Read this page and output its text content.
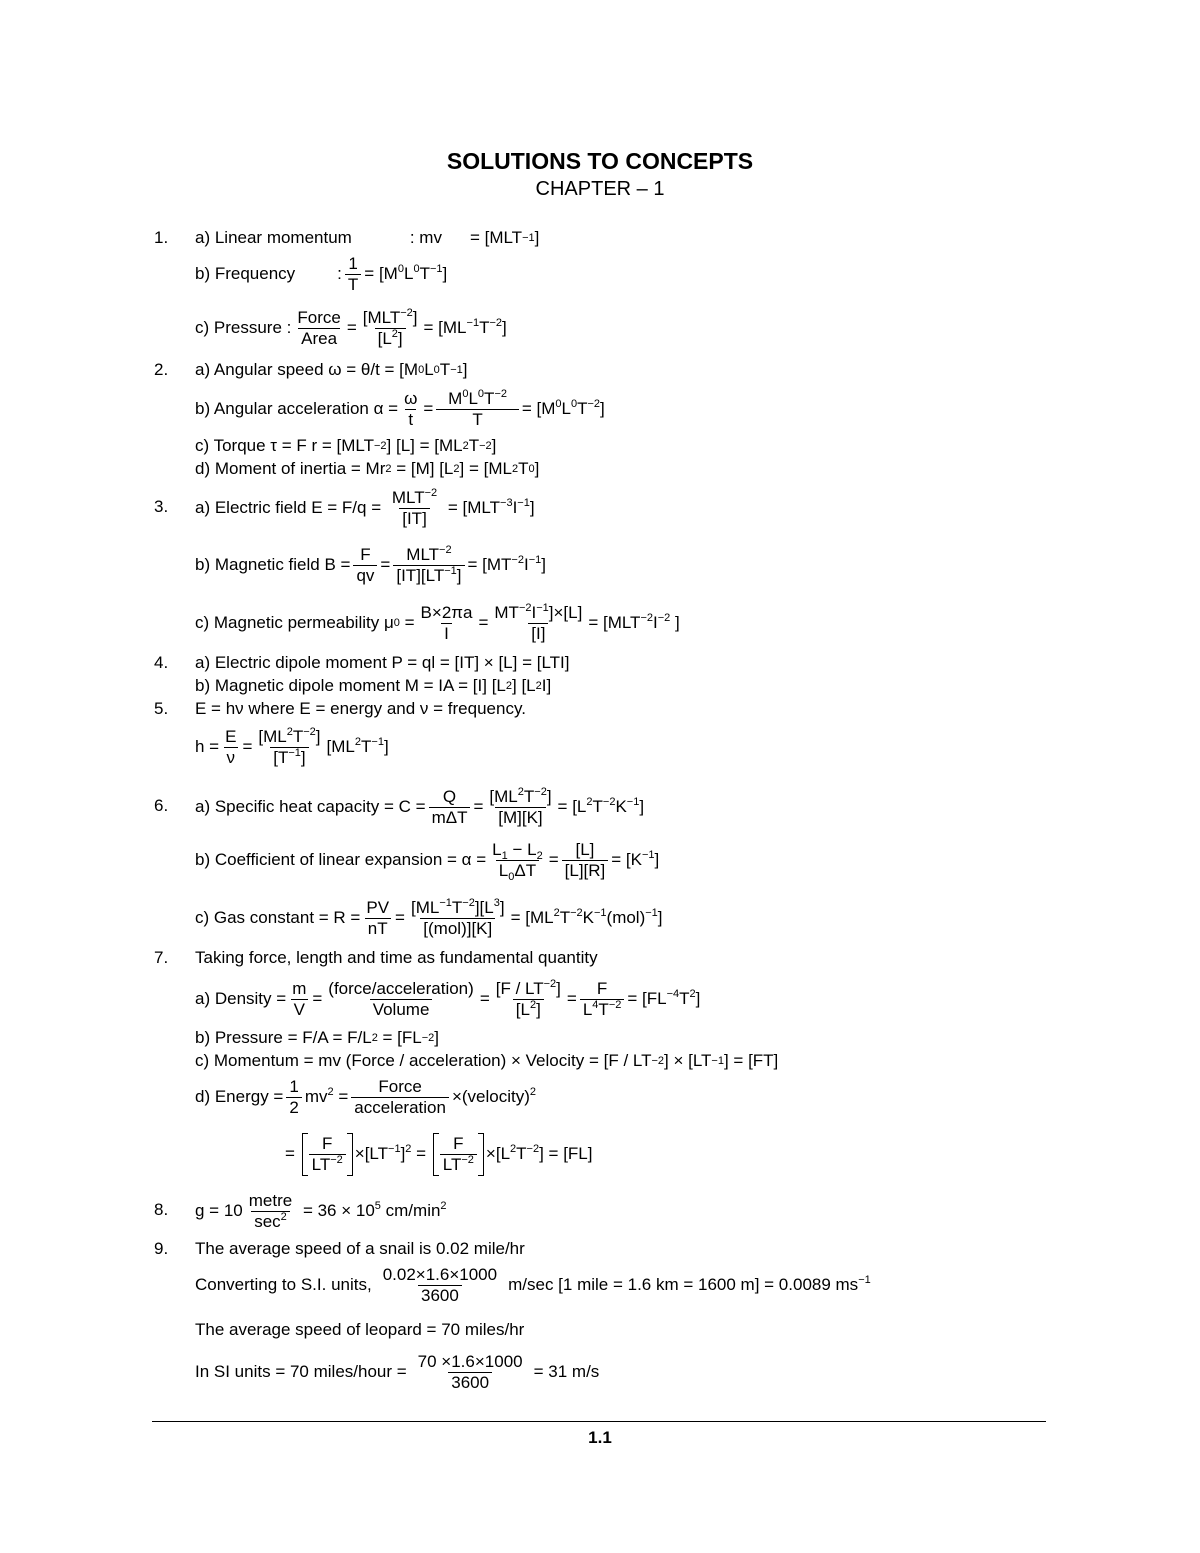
SOLUTIONS TO CONCEPTS
CHAPTER – 1
1.
2.
3.
4.
5.
6.
7.
8.
9.
a) Linear momentum	: mv = [MLT −1 ]
b) Frequency : $\frac{1}{T} = [M^0L^0T^{-1}]$
c) Pressure : $\frac{\text{Force}}{\text{Area}} = \frac{[MLT^{-2}]}{[L^2]} = [ML^{-1}T^{-2}]$
a) Angular speed ω = θ/t = [M 0 L 0 T −1 ]
b) Angular acceleration $\alpha = \frac{\omega}{t} = \frac{M^0L^0T^{-2}}{T} = [M^0L^0T^{-2}]$
c) Torque τ = F r = [MLT −2 ] [L] = [ML 2 T −2 ]
d) Moment of inertia = Mr 2 = [M] [L 2 ] = [ML 2 T 0 ]
a) Electric field $E = F/q = \frac{MLT^{-2}}{[IT]} = [MLT^{-3}I^{-1}]$
b) Magnetic field $B = \frac{F}{qv} = \frac{MLT^{-2}}{[IT][LT^{-1}]} = [MT^{-2}I^{-1}]$
c) Magnetic permeability μ $0 = \frac{B\times 2\pi a}{I} = \frac{MT^{-2}I^{-1}]\times[L]}{[I]} = [MLT^{-2}I^{-2}$ ]
a) Electric dipole moment P = ql = [IT] × [L] = [LTI]
b) Magnetic dipole moment M = IA = [I] [L 2 ] [L 2 I]
E = hν where E = energy and ν = frequency.
$h = \frac{E}{\nu} = \frac{[ML^2T^{-2}]}{[T^{-1}]} [ML^2T^{-1}]$
a) Specific heat capacity = $C = \frac{Q}{\text{mΔT}} = \frac{[ML^2T^{-2}]}{[M][K]} = [L^2T^{-2}K^{-1}]$
b) Coefficient of linear expansion = $\alpha = \frac{L_1 - L_2}{L_0\Delta T} = \frac{[L]}{[L][R]} = [K^{-1}]$
c) Gas constant = $R = \frac{PV}{nT} = \frac{[ML^{-1}T^{-2}][L^3]}{\text{[(mol)][K]}} = [ML^2T^{-2}K^{-1}(mol)^{-1}]$
Taking force, length and time as fundamental quantity
a) Density = $\frac{m}{V} = \frac{\text{(force/acceleration)}}{\text{Volume}} = \frac{[F / LT^{-2}]}{[L^2]} = \frac{F}{L^4T^{-2}} = [FL^{-4}T^2]$
b) Pressure = F/A = F/L 2 = [FL −2 ]
c) Momentum = mv (Force / acceleration) × Velocity = [F / LT −2 ] × [LT −1 ] = [FT]
d) Energy = $\frac{1}{2} mv^2 = \frac{\text{Force}}{\text{acceleration}}$ ×(velocity)$^2$
= $\frac{F}{LT^{-2}} \times[LT^{-1}]^2 = \frac{F}{LT^{-2}} \times[L^2T^{-2}] = [FL]$
$g = 10 \frac{\text{metre}}{\sec^2} = 36 \times 10^5$ $cm/\min^2$
The average speed of a snail is 0.02 mile/hr
Converting to S.I. units, $\frac{0.02\times 1.6\times 1000}{3600} m/\sec$ [1 mile = 1.6 km = 1600 m] = 0.0089 $ms^{-1}$
The average speed of leopard = 70 miles/hr
In SI units = 70 miles/hour = $\frac{70 \times 1.6\times 1000}{3600} = 31$ m/s
1.1
